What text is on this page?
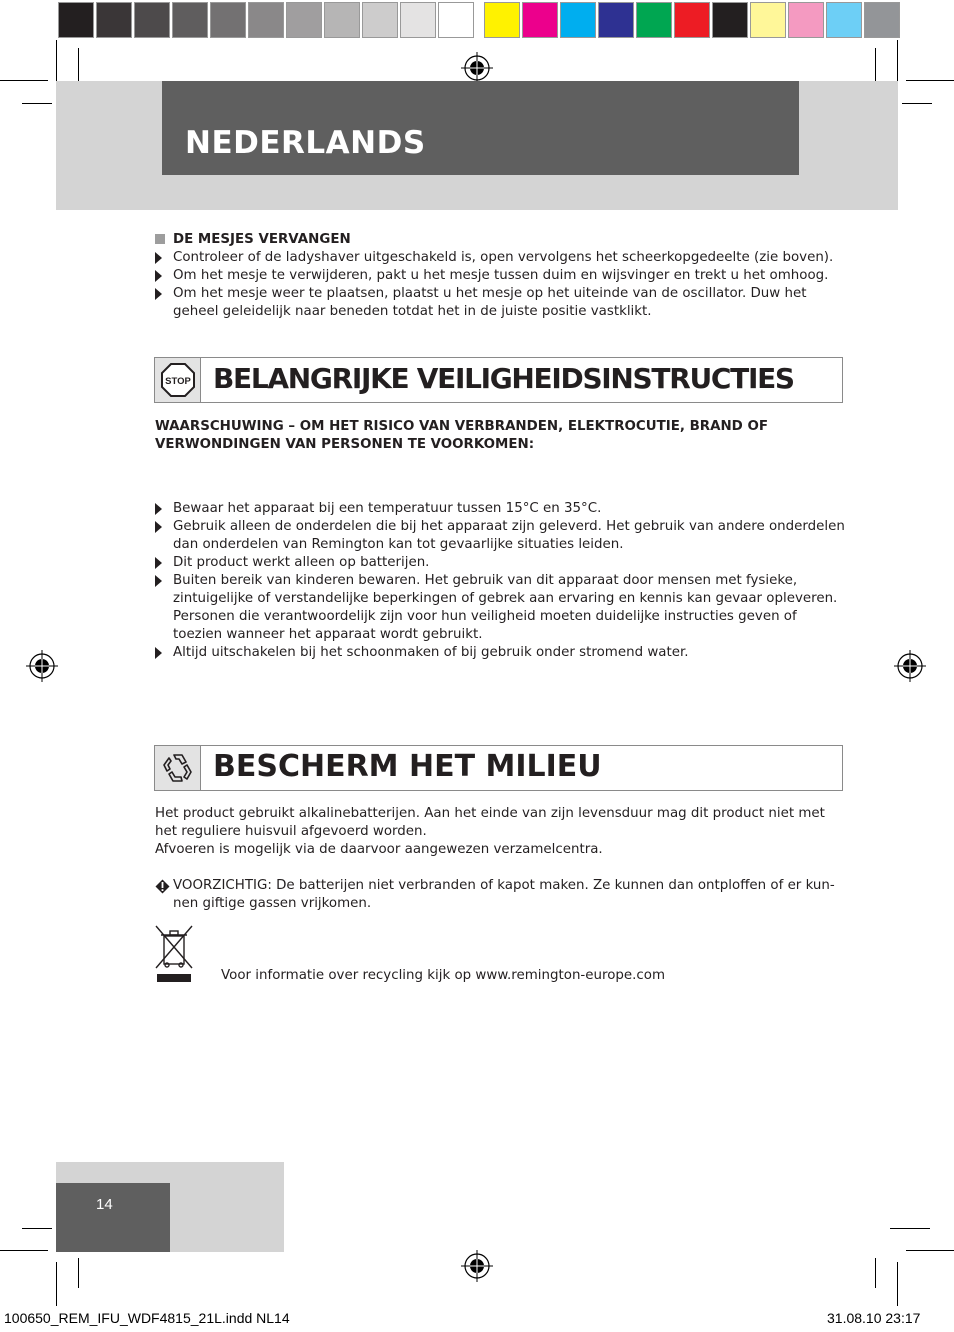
NEDERLANDS
DE MESJES VERVANGEN
Controleer of de ladyshaver uitgeschakeld is, open vervolgens het scheerkopgedeelte (zie boven).
Om het mesje te verwijderen, pakt u het mesje tussen duim en wijsvinger en trekt u het omhoog.
Om het mesje weer te plaatsen, plaatst u het mesje op het uiteinde van de oscillator. Duw het geheel geleidelijk naar beneden totdat het in de juiste positie vastklikt.
STOP BELANGRIJKE VEILIGHEIDSINSTRUCTIES
WAARSCHUWING – OM HET RISICO VAN VERBRANDEN, ELEKTROCUTIE, BRAND OF VERWONDINGEN VAN PERSONEN TE VOORKOMEN:
Bewaar het apparaat bij een temperatuur tussen 15°C en 35°C.
Gebruik alleen de onderdelen die bij het apparaat zijn geleverd. Het gebruik van andere onderdelen dan onderdelen van Remington kan tot gevaarlijke situaties leiden.
Dit product werkt alleen op batterijen.
Buiten bereik van kinderen bewaren. Het gebruik van dit apparaat door mensen met fysieke, zintuigelijke of verstandelijke beperkingen of gebrek aan ervaring en kennis kan gevaar opleveren. Personen die verantwoordelijk zijn voor hun veiligheid moeten duidelijke instructies geven of toezien wanneer het apparaat wordt gebruikt.
Altijd uitschakelen bij het schoonmaken of bij gebruik onder stromend water.
BESCHERM HET MILIEU
Het product gebruikt alkalinebatterijen. Aan het einde van zijn levensduur mag dit product niet met het reguliere huisvuil afgevoerd worden.
Afvoeren is mogelijk via de daarvoor aangewezen verzamelcentra.
VOORZICHTIG: De batterijen niet verbranden of kapot maken. Ze kunnen dan ontploffen of er kun-nen giftige gassen vrijkomen.
Voor informatie over recycling kijk op www.remington-europe.com
14
100650_REM_IFU_WDF4815_21L.indd NL14	31.08.10 23:17
